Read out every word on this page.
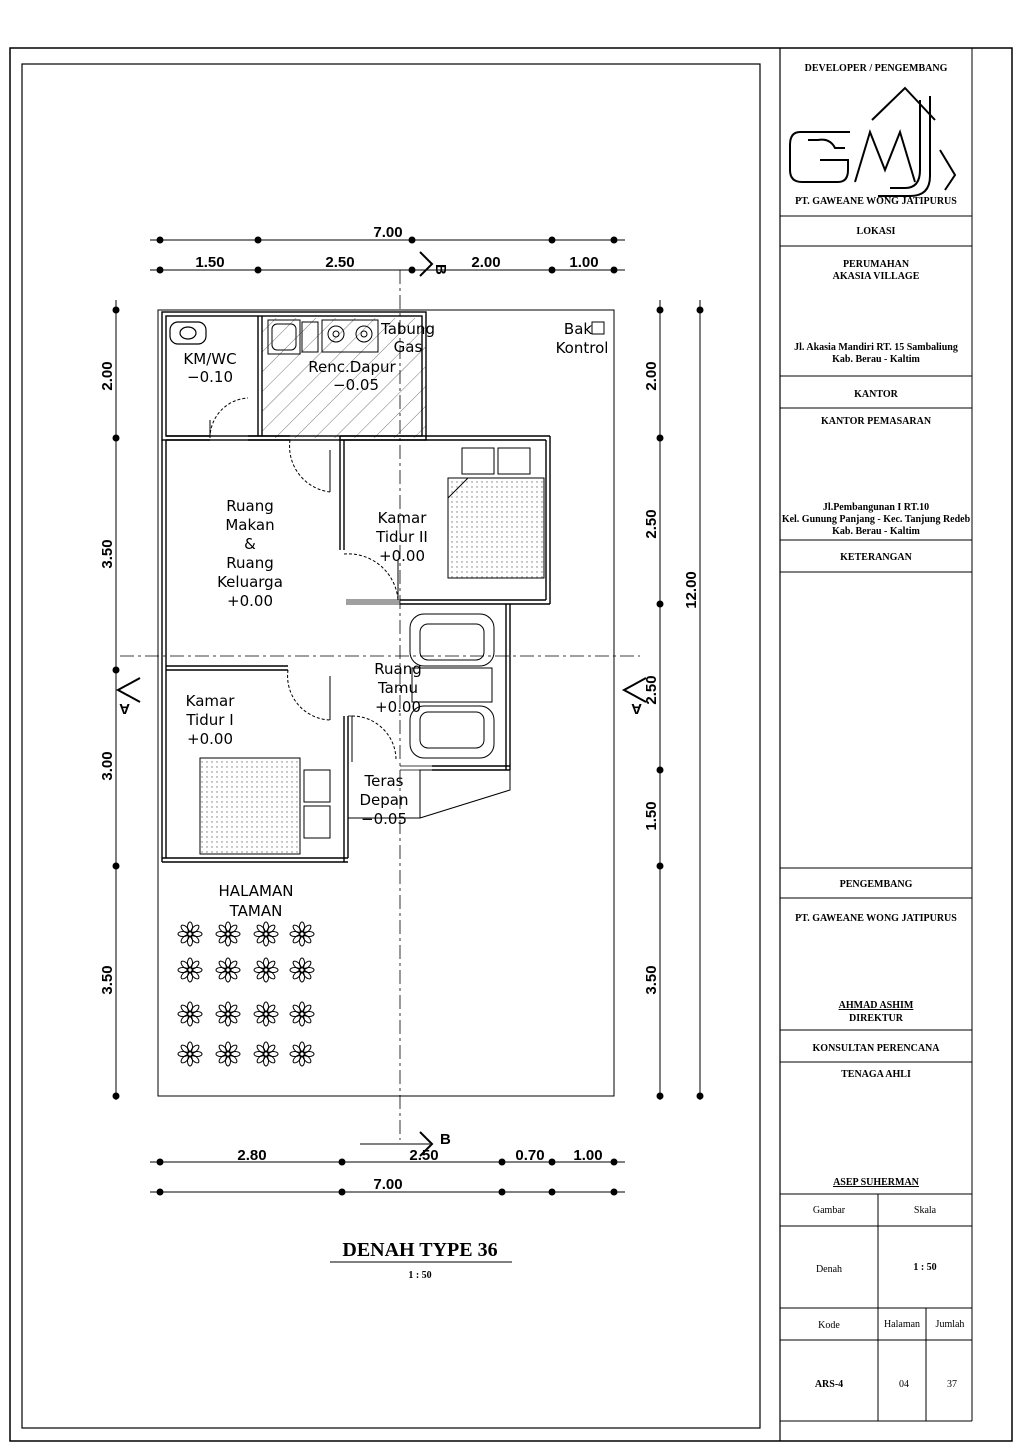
DEVELOPER / PENGEMBANG
PT. GAWEANE WONG JATIPURUS
LOKASI
PERUMAHAN
AKASIA VILLAGE
Jl. Akasia Mandiri RT. 15 Sambaliung
Kab. Berau - Kaltim
KANTOR
KANTOR PEMASARAN
Jl.Pembangunan I RT.10
Kel. Gunung Panjang - Kec. Tanjung Redeb
Kab. Berau - Kaltim
KETERANGAN
PENGEMBANG
PT. GAWEANE WONG JATIPURUS
AHMAD ASHIM
DIREKTUR
KONSULTAN PERENCANA
TENAGA AHLI
ASEP SUHERMAN
Gambar	Skala
Denah	1 : 50
Kode	Halaman Jumlah
ARS-4	04	37
B
B
A	A
7.00
1.50	2.50	2.00	1.00
2.80	2.50	0.70 1.00
7.00
2.00
3.50
3.00
3.50
2.00
2.50
2.50
1.50
3.50
12.00
KM/WC
−0.10
Renc.Dapur
−0.05
Tabung
Gas
Bak
Kontrol
Ruang
Makan
&
Ruang
Keluarga
+0.00
Kamar
Tidur II
+0.00
Ruang
Tamu
+0.00
Kamar
Tidur I
+0.00
Teras
Depan
−0.05
HALAMAN
TAMAN
DENAH TYPE 36
1 : 50
